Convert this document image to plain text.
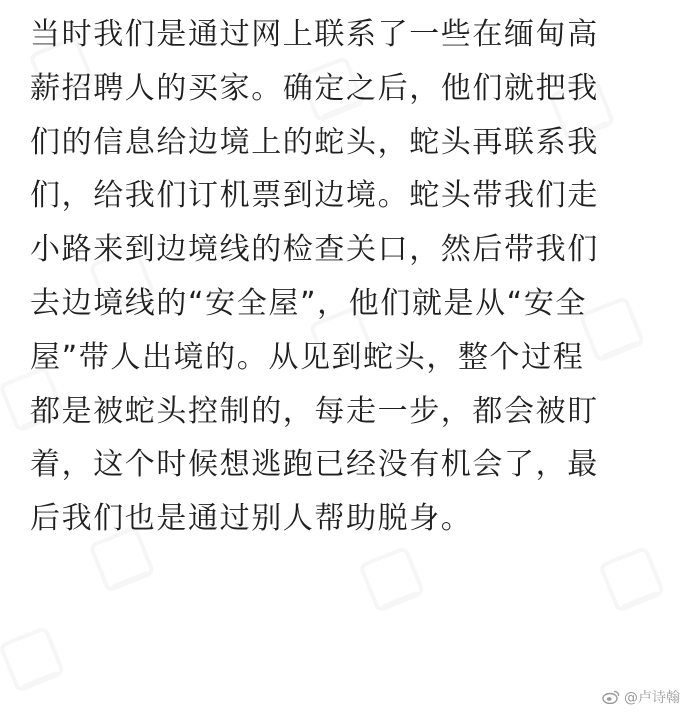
当时我们是通过网上联系了一些在缅甸高
薪招聘人的买家。确定之后，他们就把我
们的信息给边境上的蛇头，蛇头再联系我
们，给我们订机票到边境。蛇头带我们走
小路来到边境线的检查关口，然后带我们
去边境线的“安全屋”，他们就是从“安全
屋”带人出境的。从见到蛇头，整个过程
都是被蛇头控制的，每走一步，都会被盯
着，这个时候想逃跑已经没有机会了，最
后我们也是通过别人帮助脱身。
@卢诗翰
